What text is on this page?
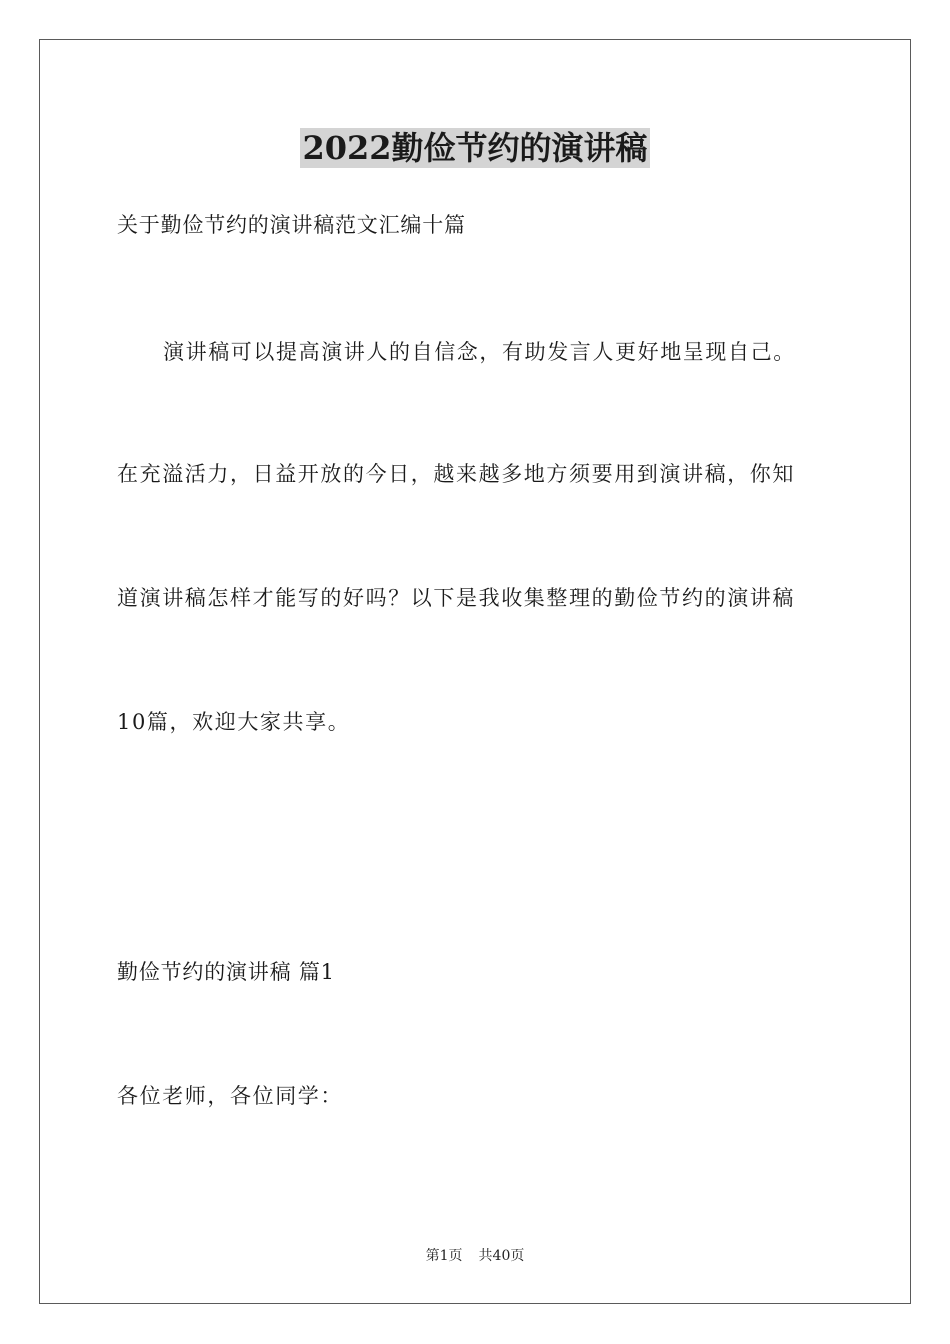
2022勤俭节约的演讲稿
关于勤俭节约的演讲稿范文汇编十篇
演讲稿可以提高演讲人的自信念，有助发言人更好地呈现自己。
在充溢活力，日益开放的今日，越来越多地方须要用到演讲稿，你知
道演讲稿怎样才能写的好吗？以下是我收集整理的勤俭节约的演讲稿
10篇，欢迎大家共享。
勤俭节约的演讲稿 篇1
各位老师，各位同学：
第1页 共40页
